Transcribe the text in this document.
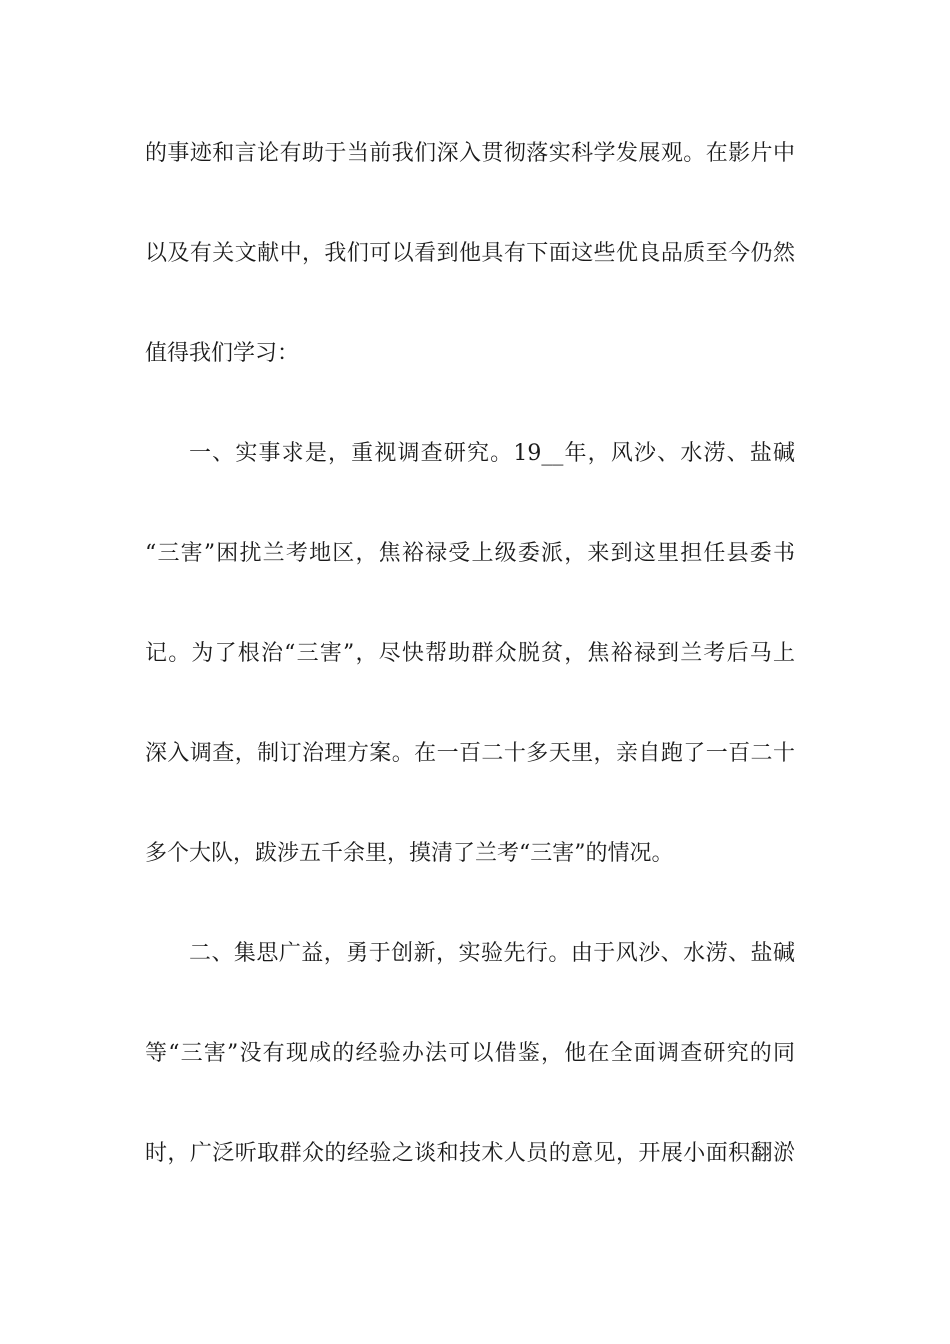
的事迹和言论有助于当前我们深入贯彻落实科学发展观。在影片中
以及有关文献中，我们可以看到他具有下面这些优良品质至今仍然
值得我们学习：
一、实事求是，重视调查研究。19__年，风沙、水涝、盐碱
“三害”困扰兰考地区，焦裕禄受上级委派，来到这里担任县委书
记。为了根治“三害”，尽快帮助群众脱贫，焦裕禄到兰考后马上
深入调查，制订治理方案。在一百二十多天里，亲自跑了一百二十
多个大队，跋涉五千余里，摸清了兰考“三害”的情况。
二、集思广益，勇于创新，实验先行。由于风沙、水涝、盐碱
等“三害”没有现成的经验办法可以借鉴，他在全面调查研究的同
时，广泛听取群众的经验之谈和技术人员的意见，开展小面积翻淤
